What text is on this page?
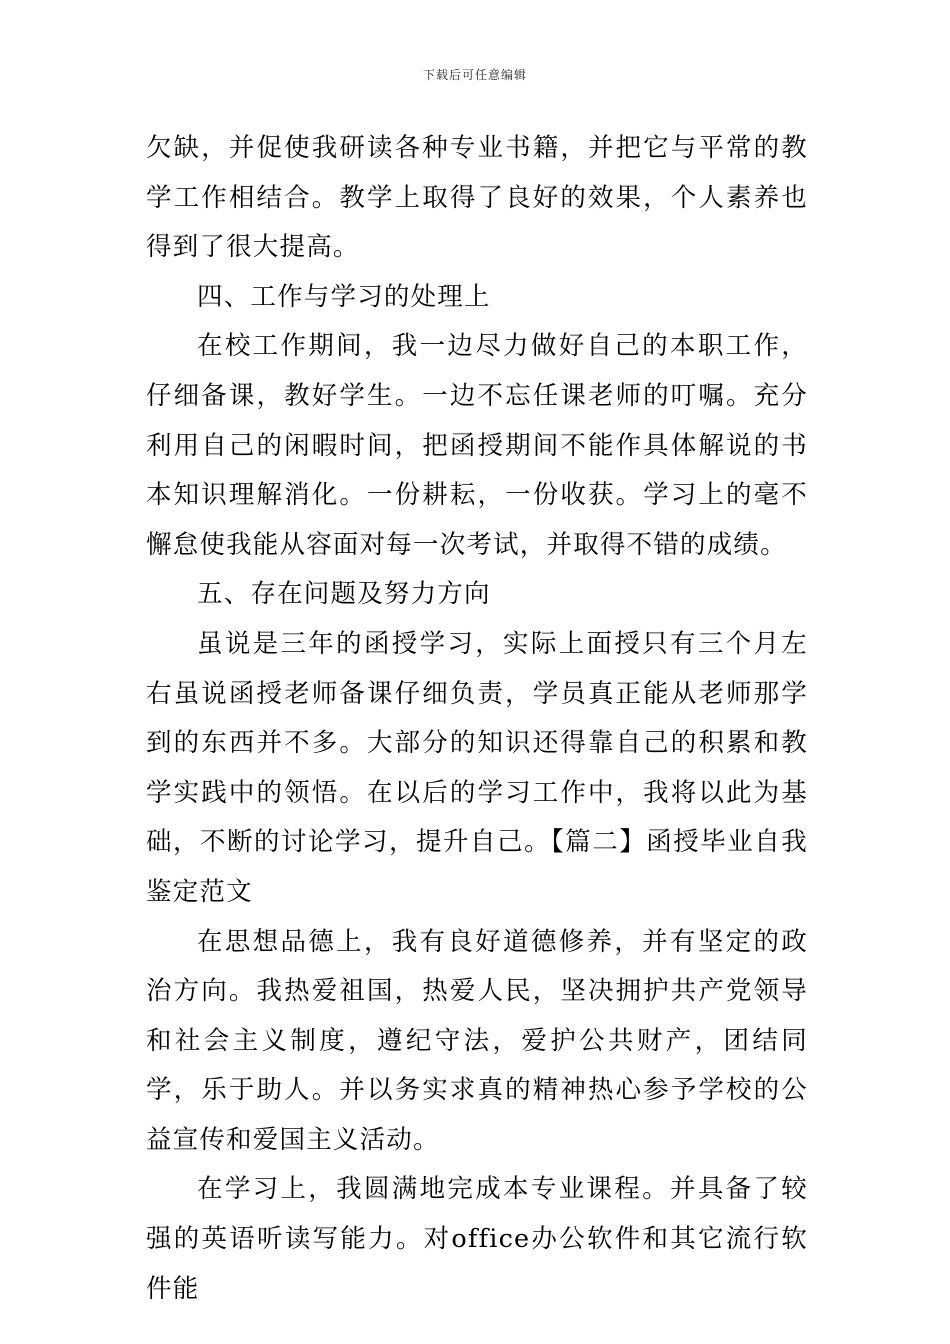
下载后可任意编辑

欠缺，并促使我研读各种专业书籍，并把它与平常的教学工作相结合。教学上取得了良好的效果，个人素养也得到了很大提高。

四、工作与学习的处理上

在校工作期间，我一边尽力做好自己的本职工作，仔细备课，教好学生。一边不忘任课老师的叮嘱。充分利用自己的闲暇时间，把函授期间不能作具体解说的书本知识理解消化。一份耕耘，一份收获。学习上的毫不懈怠使我能从容面对每一次考试，并取得不错的成绩。

五、存在问题及努力方向

虽说是三年的函授学习，实际上面授只有三个月左右虽说函授老师备课仔细负责，学员真正能从老师那学到的东西并不多。大部分的知识还得靠自己的积累和教学实践中的领悟。在以后的学习工作中，我将以此为基础，不断的讨论学习，提升自己。【篇二】函授毕业自我鉴定范文

在思想品德上，我有良好道德修养，并有坚定的政治方向。我热爱祖国，热爱人民，坚决拥护共产党领导和社会主义制度，遵纪守法，爱护公共财产，团结同学，乐于助人。并以务实求真的精神热心参予学校的公益宣传和爱国主义活动。

在学习上，我圆满地完成本专业课程。并具备了较强的英语听读写能力。对office办公软件和其它流行软件能
